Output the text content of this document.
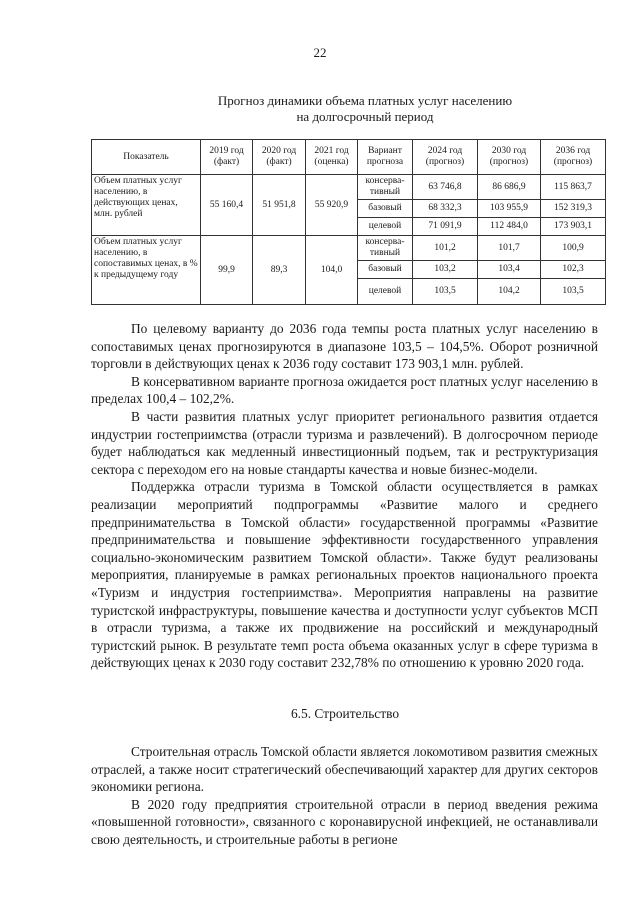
22
Прогноз динамики объема платных услуг населению
на долгосрочный период
Показатель	2019 год (факт)	2020 год (факт)	2021 год (оценка)	Вариант прогноза	2024 год (прогноз)	2030 год (прогноз)	2036 год (прогноз)
Объем платных услуг населению, в действующих ценах, млн. рублей	55 160,4	51 951,8	55 920,9	консерва-тивный	63 746,8	86 686,9	115 863,7
				базовый	68 332,3	103 955,9	152 319,3
				целевой	71 091,9	112 484,0	173 903,1
Объем платных услуг населению, в сопоставимых ценах, в % к предыдущему году	99,9	89,3	104,0	консерва-тивный	101,2	101,7	100,9
				базовый	103,2	103,4	102,3
				целевой	103,5	104,2	103,5

По целевому варианту до 2036 года темпы роста платных услуг населению в сопоставимых ценах прогнозируются в диапазоне 103,5 – 104,5%. Оборот розничной торговли в действующих ценах к 2036 году составит 173 903,1 млн. рублей.

В консервативном варианте прогноза ожидается рост платных услуг населению в пределах 100,4 – 102,2%.

В части развития платных услуг приоритет регионального развития отдается индустрии гостеприимства (отрасли туризма и развлечений). В долгосрочном периоде будет наблюдаться как медленный инвестиционный подъем, так и реструктуризация сектора с переходом его на новые стандарты качества и новые бизнес-модели.

Поддержка отрасли туризма в Томской области осуществляется в рамках реализации мероприятий подпрограммы «Развитие малого и среднего предпринимательства в Томской области» государственной программы «Развитие предпринимательства и повышение эффективности государственного управления социально-экономическим развитием Томской области». Также будут реализованы мероприятия, планируемые в рамках региональных проектов национального проекта «Туризм и индустрия гостеприимства». Мероприятия направлены на развитие туристской инфраструктуры, повышение качества и доступности услуг субъектов МСП в отрасли туризма, а также их продвижение на российский и международный туристский рынок. В результате темп роста объема оказанных услуг в сфере туризма в действующих ценах к 2030 году составит 232,78% по отношению к уровню 2020 года.

6.5. Строительство

Строительная отрасль Томской области является локомотивом развития смежных отраслей, а также носит стратегический обеспечивающий характер для других секторов экономики региона.

В 2020 году предприятия строительной отрасли в период введения режима «повышенной готовности», связанного с коронавирусной инфекцией, не останавливали свою деятельность, и строительные работы в регионе
